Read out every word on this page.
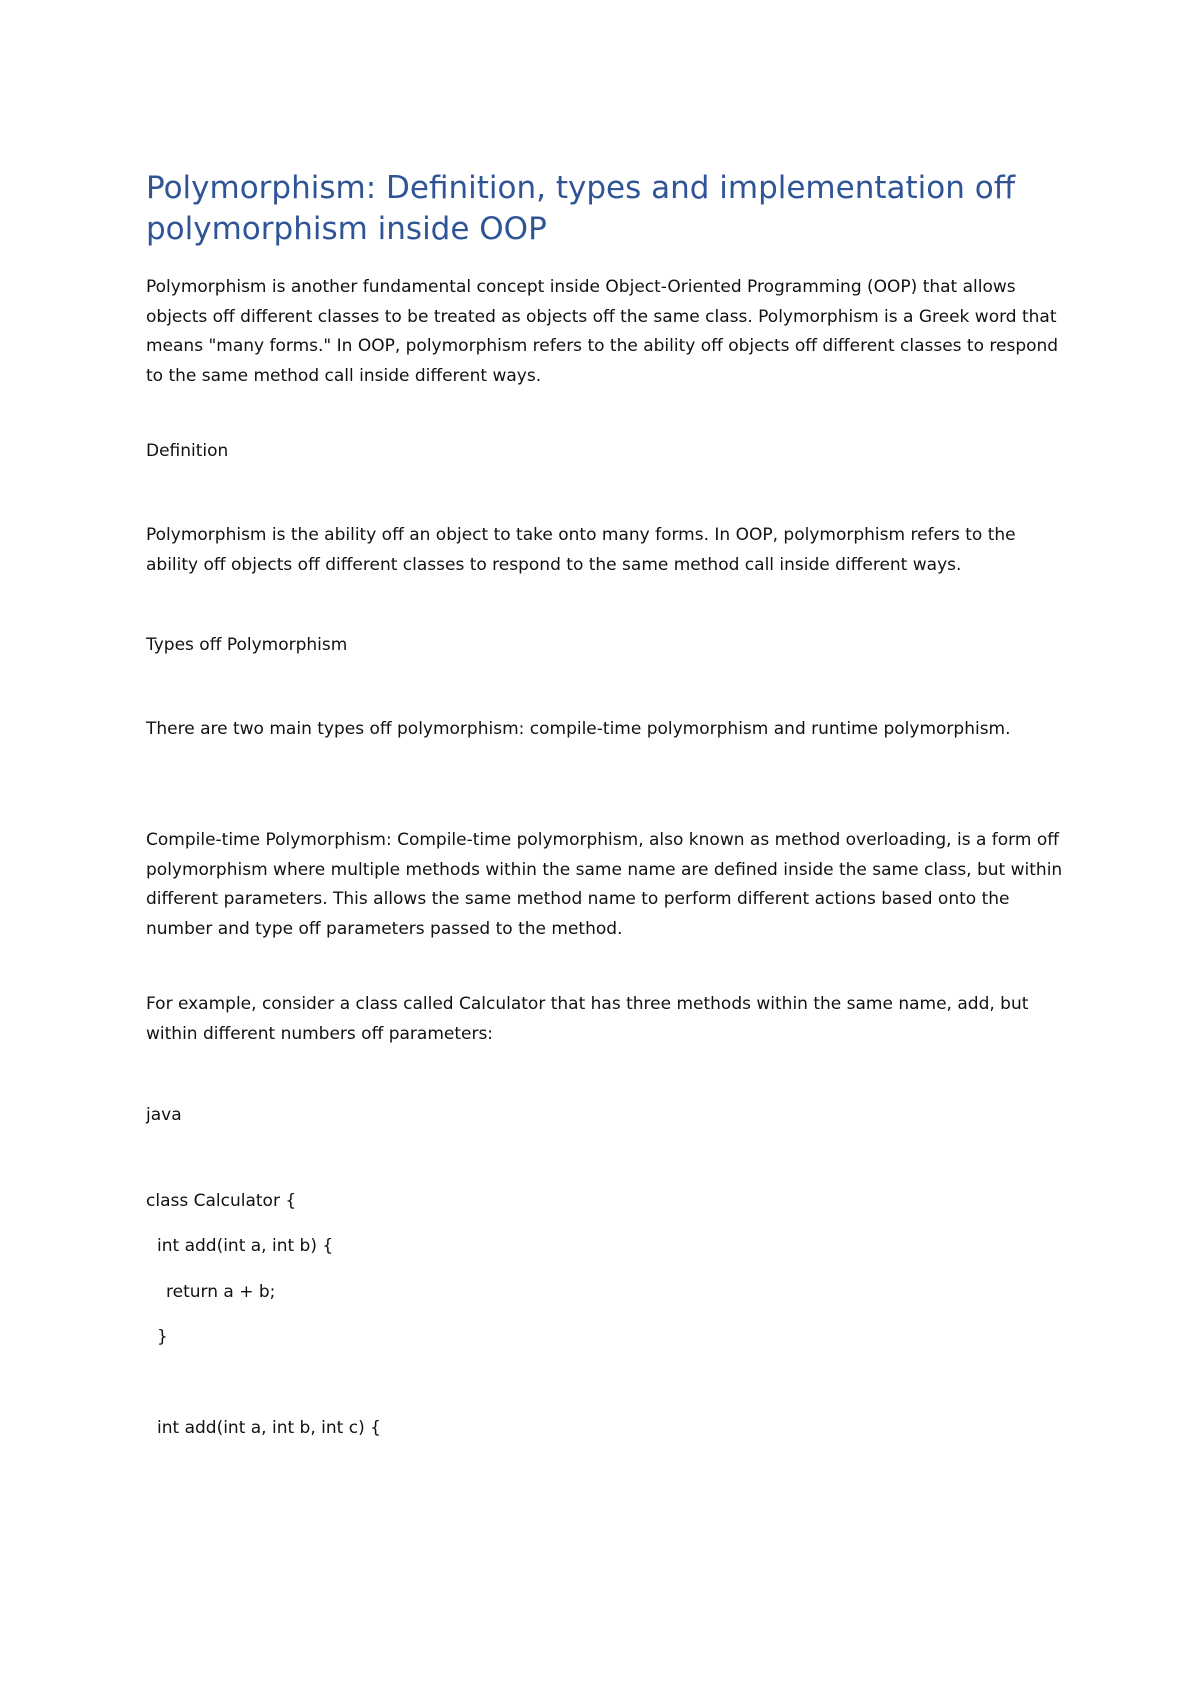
Polymorphism: Definition, types and implementation off polymorphism inside OOP

Polymorphism is another fundamental concept inside Object-Oriented Programming (OOP) that allows objects off different classes to be treated as objects off the same class. Polymorphism is a Greek word that means "many forms." In OOP, polymorphism refers to the ability off objects off different classes to respond to the same method call inside different ways.

Definition

Polymorphism is the ability off an object to take onto many forms. In OOP, polymorphism refers to the ability off objects off different classes to respond to the same method call inside different ways.

Types off Polymorphism

There are two main types off polymorphism: compile-time polymorphism and runtime polymorphism.

Compile-time Polymorphism: Compile-time polymorphism, also known as method overloading, is a form off polymorphism where multiple methods within the same name are defined inside the same class, but within different parameters. This allows the same method name to perform different actions based onto the number and type off parameters passed to the method.

For example, consider a class called Calculator that has three methods within the same name, add, but within different numbers off parameters:

java

class Calculator {

int add(int a, int b) {

return a + b;

}

int add(int a, int b, int c) {
